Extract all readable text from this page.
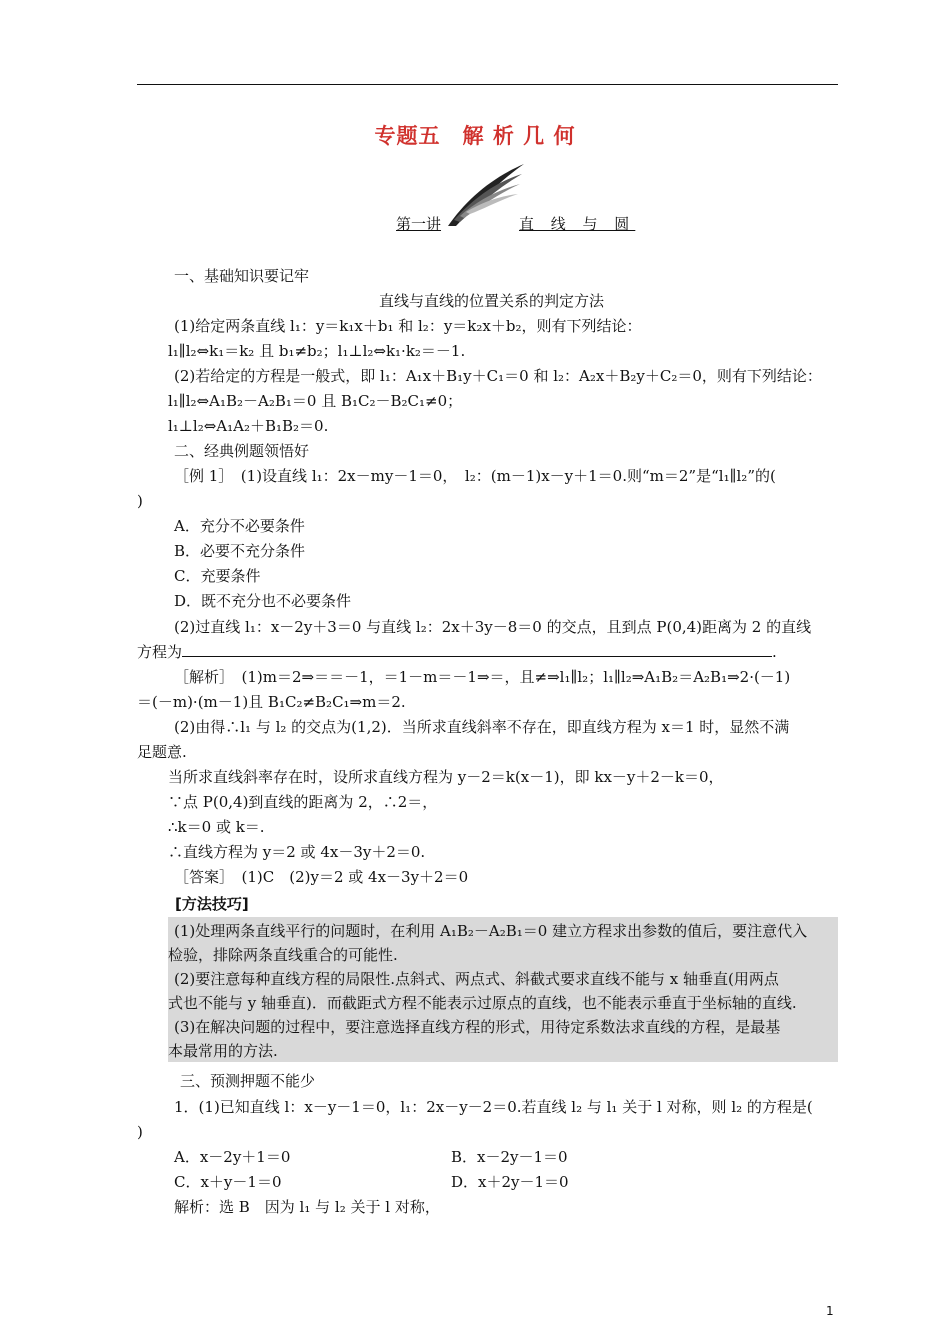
专题五　解 析 几 何
第一讲	直 线 与 圆
一、基础知识要记牢
直线与直线的位置关系的判定方法
(1)给定两条直线 l₁：y＝k₁x＋b₁ 和 l₂：y＝k₂x＋b₂，则有下列结论：
l₁∥l₂⇔k₁＝k₂ 且 b₁≠b₂；l₁⊥l₂⇔k₁·k₂＝－1.
(2)若给定的方程是一般式，即 l₁：A₁x＋B₁y＋C₁＝0 和 l₂：A₂x＋B₂y＋C₂＝0，则有下列结论：
l₁∥l₂⇔A₁B₂－A₂B₁＝0 且 B₁C₂－B₂C₁≠0；
l₁⊥l₂⇔A₁A₂＋B₁B₂＝0.
二、经典例题领悟好
［例 1］　(1)设直线 l₁：2x－my－1＝0，　l₂：(m－1)x－y＋1＝0.则“m＝2”是“l₁∥l₂”的(
)
A．充分不必要条件
B．必要不充分条件
C．充要条件
D．既不充分也不必要条件
(2)过直线 l₁：x－2y＋3＝0 与直线 l₂：2x＋3y－8＝0 的交点，且到点 P(0,4)距离为 2 的直线
方程为	.
［解析］　(1)m＝2⇒＝＝－1，＝1－m＝－1⇒＝，且≠⇒l₁∥l₂；l₁∥l₂⇒A₁B₂＝A₂B₁⇒2·(－1)
＝(－m)·(m－1)且 B₁C₂≠B₂C₁⇒m＝2.
(2)由得∴l₁ 与 l₂ 的交点为(1,2)．当所求直线斜率不存在，即直线方程为 x＝1 时，显然不满
足题意.
当所求直线斜率存在时，设所求直线方程为 y－2＝k(x－1)，即 kx－y＋2－k＝0，
∵点 P(0,4)到直线的距离为 2，∴2＝，
∴k＝0 或 k＝.
∴直线方程为 y＝2 或 4x－3y＋2＝0.
［答案］　(1)C　(2)y＝2 或 4x－3y＋2＝0
[方法技巧]
(1)处理两条直线平行的问题时，在利用 A₁B₂－A₂B₁＝0 建立方程求出参数的值后，要注意代入
检验，排除两条直线重合的可能性.
(2)要注意每种直线方程的局限性.点斜式、两点式、斜截式要求直线不能与 x 轴垂直(用两点
式也不能与 y 轴垂直)．而截距式方程不能表示过原点的直线，也不能表示垂直于坐标轴的直线.
(3)在解决问题的过程中，要注意选择直线方程的形式，用待定系数法求直线的方程，是最基
本最常用的方法.
三、预测押题不能少
1．(1)已知直线 l：x－y－1＝0，l₁：2x－y－2＝0.若直线 l₂ 与 l₁ 关于 l 对称，则 l₂ 的方程是(
)
A．x－2y＋1＝0	B．x－2y－1＝0
C．x＋y－1＝0	D．x＋2y－1＝0
解析：选 B　因为 l₁ 与 l₂ 关于 l 对称，
1
